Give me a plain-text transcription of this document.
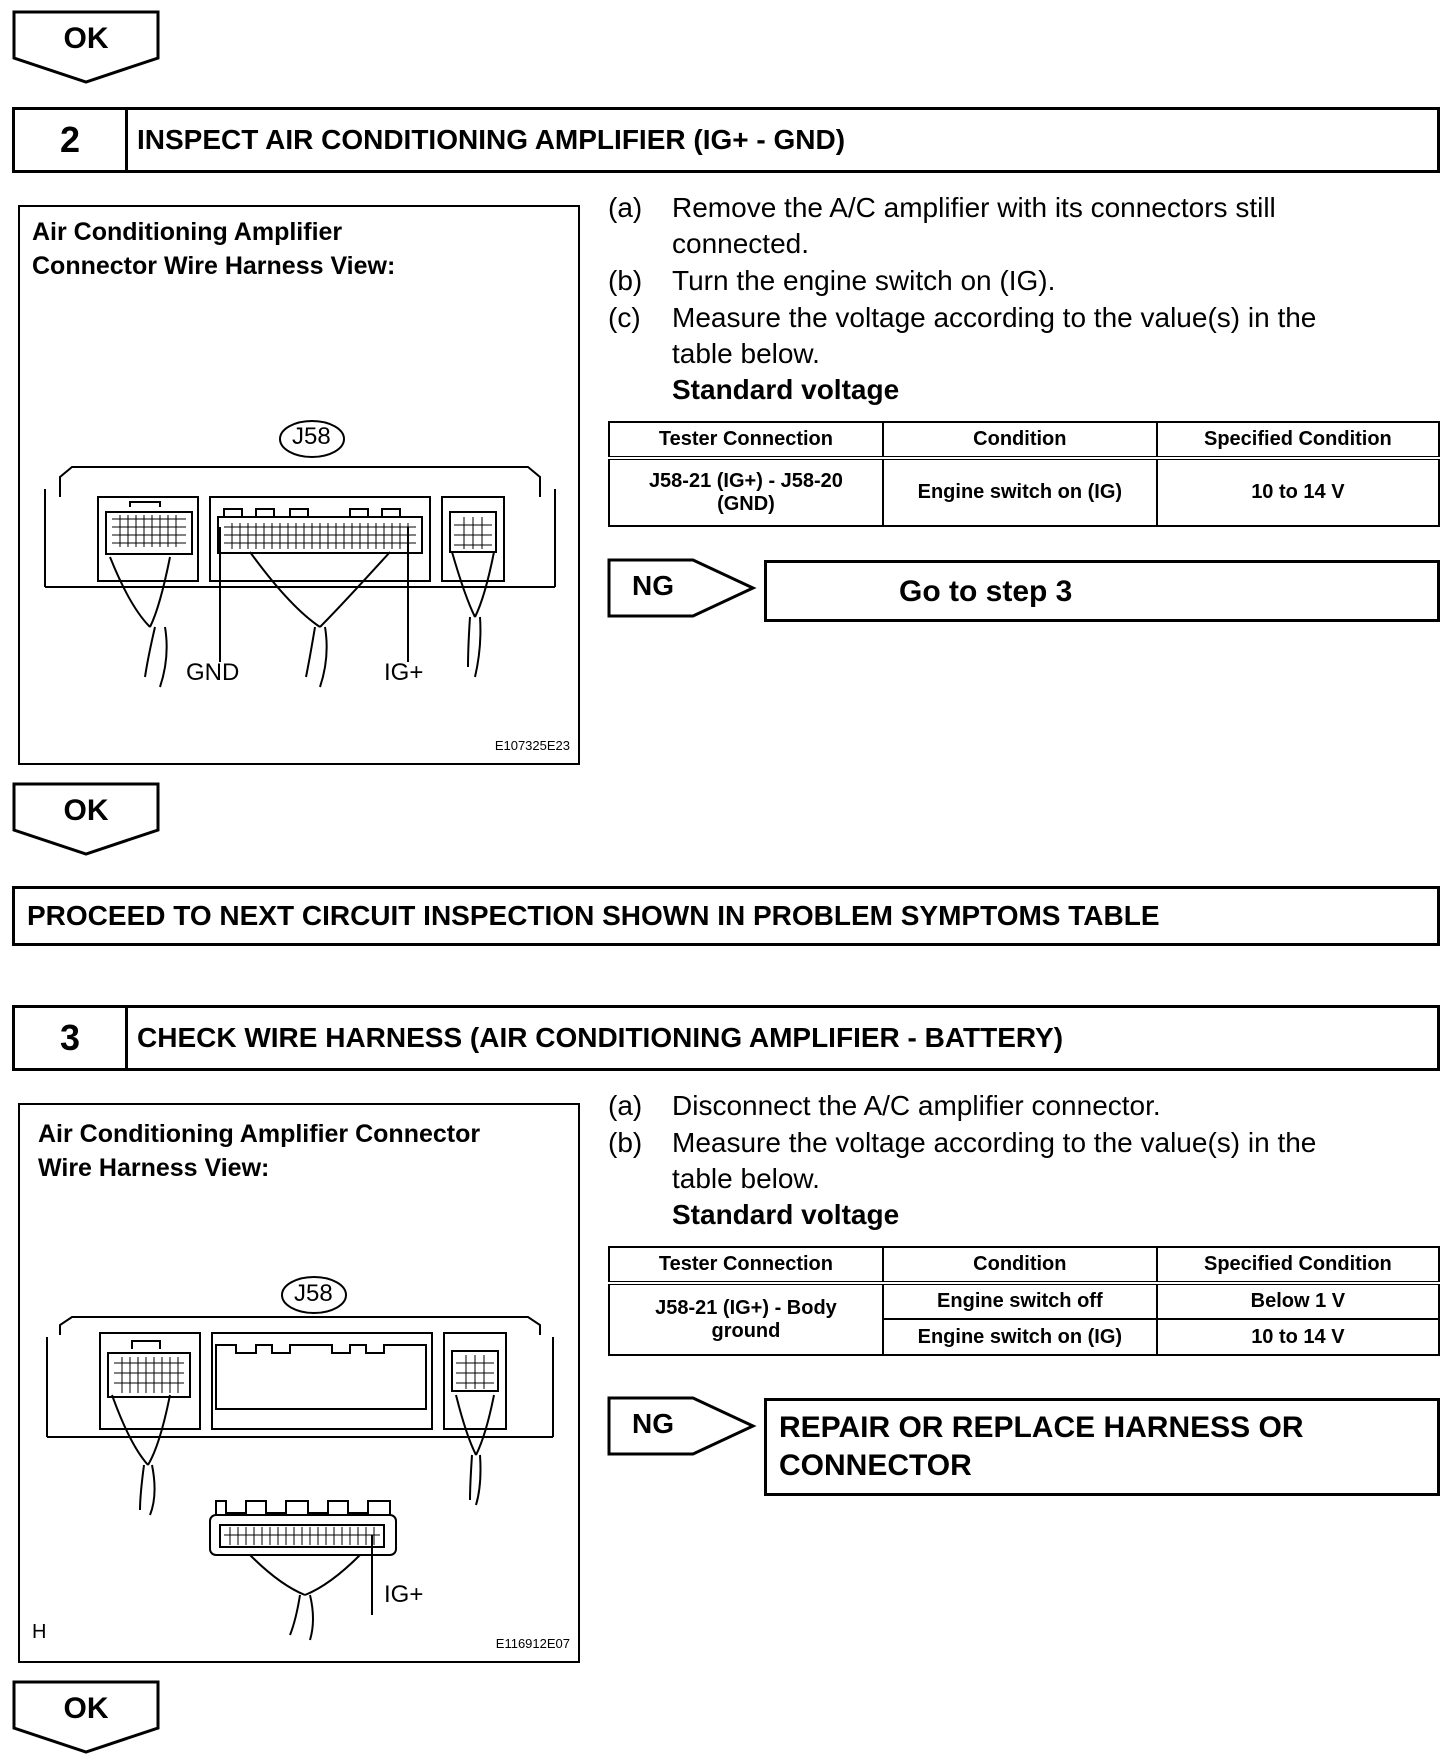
OK
2	INSPECT AIR CONDITIONING AMPLIFIER (IG+ - GND)
Air Conditioning Amplifier
Connector Wire Harness View:
J58
GND	IG+
E107325E23
(a) Remove the A/C amplifier with its connectors still
connected.
(b) Turn the engine switch on (IG).
(c) Measure the voltage according to the value(s) in the
table below.
Standard voltage
Tester Connection	Condition	Specified Condition

J58-21 (IG+) - J58-20
(GND)	Engine switch on (IG)	10 to 14 V
NG	Go to step 3
OK
PROCEED TO NEXT CIRCUIT INSPECTION SHOWN IN PROBLEM SYMPTOMS TABLE
3	CHECK WIRE HARNESS (AIR CONDITIONING AMPLIFIER - BATTERY)
Air Conditioning Amplifier Connector
Wire Harness View:
J58
IG+
H
E116912E07
(a) Disconnect the A/C amplifier connector.
(b) Measure the voltage according to the value(s) in the
table below.
Standard voltage
Tester Connection	Condition	Specified Condition

J58-21 (IG+) - Body
ground	Engine switch off	Below 1 V
	Engine switch on (IG)	10 to 14 V
NG	REPAIR OR REPLACE HARNESS OR
CONNECTOR
OK
